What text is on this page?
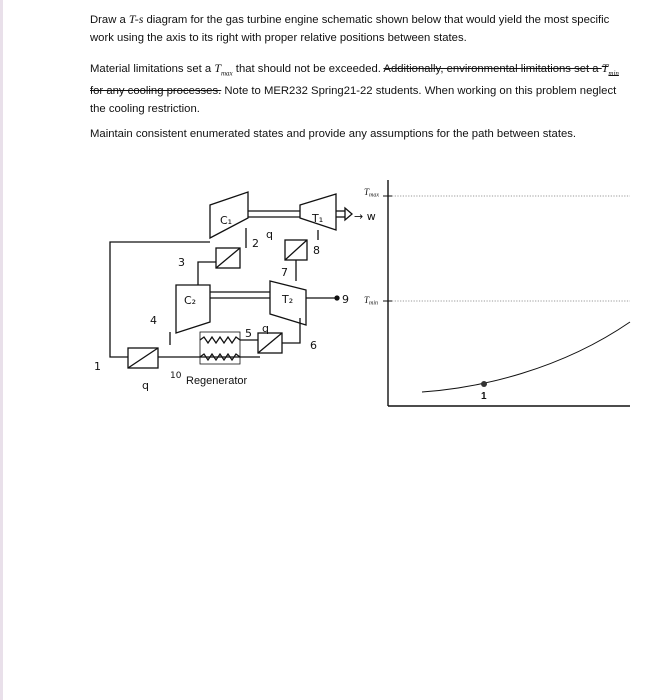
Draw a T-s diagram for the gas turbine engine schematic shown below that would yield the most specific work using the axis to its right with proper relative positions between states.

Material limitations set a $T_{max}$ that should not be exceeded. Additionally, environmental limitations set a $T_{min}$ for any cooling processes. Note to MER232 Spring21-22 students. When working on this problem neglect the cooling restriction.

Maintain consistent enumerated states and provide any assumptions for the path between states.

C₁	T₁	→ w
C₂	T₂
2
q
3
8
7
9
4
5 q
6
1
q
10 Regenerator
Tmax
Tmin
1
